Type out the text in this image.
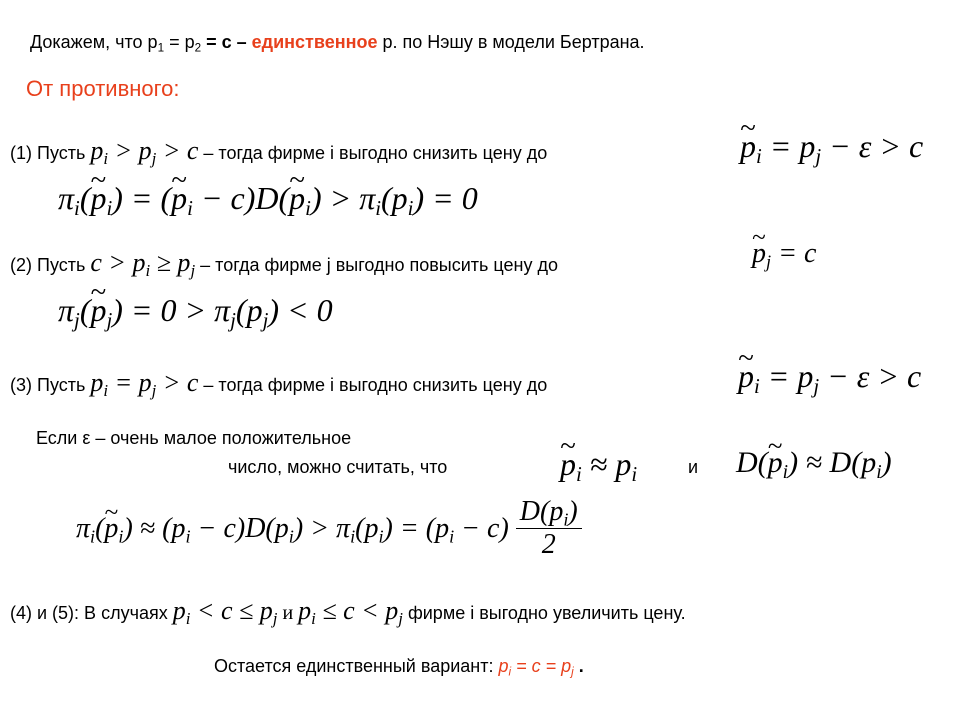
Докажем, что $p_1 = p_2 = c$ – единственное р. по Нэшу в модели Бертрана.
От противного:
(1) Пусть $p_i > p_j > c$ – тогда фирме i выгодно снизить цену до	~ $p_i = p_j - \varepsilon > c$
$\pi_i(\sim$ $p_i$) = (~ $p_i$ − c)D(~ $p_i) > \pi_i(p_i) = 0$
(2) Пусть $c > p_i \ge p_j$ – тогда фирме j выгодно повысить цену до	~ $p_j = c$
$\pi_j(\sim$ $p_j) = 0 > \pi_j(p_j) < 0$
(3) Пусть $p_i = p_j > c$ – тогда фирме i выгодно снизить цену до	~ $p_i = p_j - \varepsilon > c$
Если ε – очень малое положительное
число, можно считать, что	~ $p_i \approx p_i$	и D(~ $p_i) \approx D(p_i)$
$\pi_i(\sim$ $p_i) \approx (p_i - c)D(p_i) > \pi_i(p_i) = (p_i - c) \frac{D(p_i)}{2}$
(4) и (5): В случаях $p_i < c \le p_j$ и $p_i \le c < p_j$ фирме i выгодно увеличить цену.
Остается единственный вариант: $p_i = c = p_j$ .
